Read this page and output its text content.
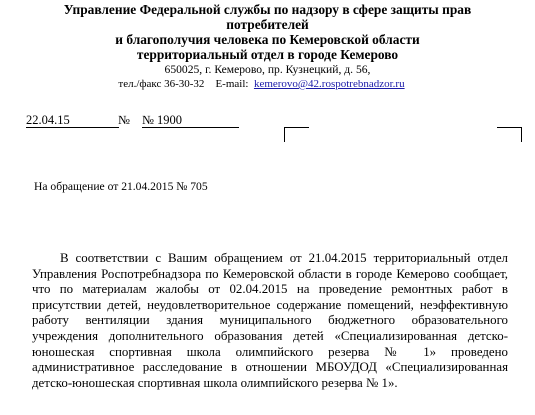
Управление Федеральной службы по надзору в сфере защиты прав
потребителей
и благополучия человека по Кемеровской области
территориальный отдел в городе Кемерово
650025, г. Кемерово, пр. Кузнецкий, д. 56,
тел./факс 36-30-32 E-mail: kemerovo@42.rospotrebnadzor.ru
22.04.15	№ № 1900
На обращение от 21.04.2015 № 705

В соответствии с Вашим обращением от 21.04.2015 территориальный отдел Управления Роспотребнадзора по Кемеровской области в городе Кемерово сообщает, что по материалам жалобы от 02.04.2015 на проведение ремонтных работ в присутствии детей, неудовлетворительное содержание помещений, неэффективную работу вентиляции здания муниципального бюджетного образовательного учреждения дополнительного образования детей «Специализированная детско-юношеская спортивная школа олимпийского резерва № 1» проведено административное расследование в отношении МБОУДОД «Специализированная детско-юношеская спортивная школа олимпийского резерва № 1».
